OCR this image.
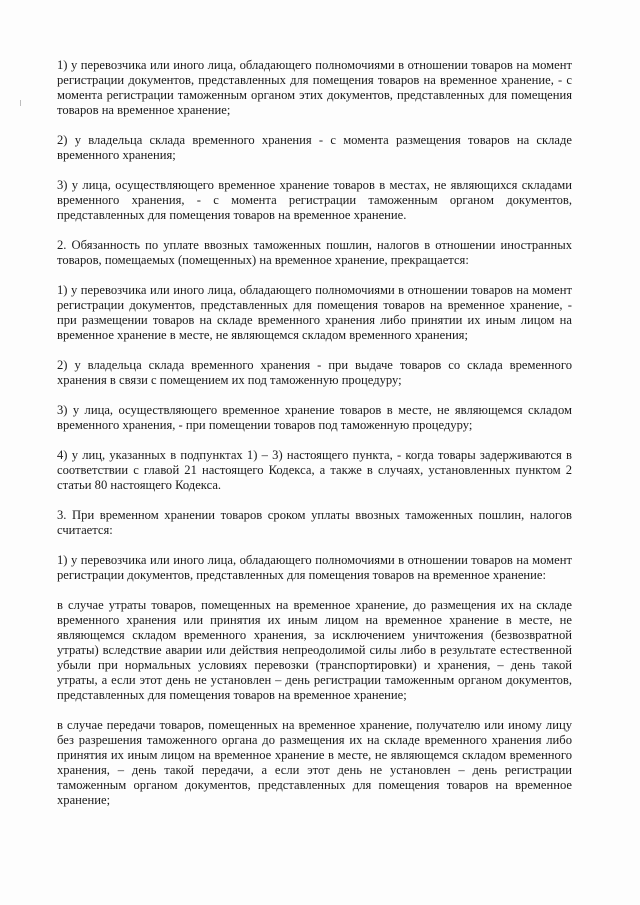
1) у перевозчика или иного лица, обладающего полномочиями в отношении товаров на момент регистрации документов, представленных для помещения товаров на временное хранение, - с момента регистрации таможенным органом этих документов, представленных для помещения товаров на временное хранение;

2) у владельца склада временного хранения - с момента размещения товаров на складе временного хранения;

3) у лица, осуществляющего временное хранение товаров в местах, не являющихся складами временного хранения, - с момента регистрации таможенным органом документов, представленных для помещения товаров на временное хранение.

2. Обязанность по уплате ввозных таможенных пошлин, налогов в отношении иностранных товаров, помещаемых (помещенных) на временное хранение, прекращается:

1) у перевозчика или иного лица, обладающего полномочиями в отношении товаров на момент регистрации документов, представленных для помещения товаров на временное хранение, - при размещении товаров на складе временного хранения либо принятии их иным лицом на временное хранение в месте, не являющемся складом временного хранения;

2) у владельца склада временного хранения - при выдаче товаров со склада временного хранения в связи с помещением их под таможенную процедуру;

3) у лица, осуществляющего временное хранение товаров в месте, не являющемся складом временного хранения, - при помещении товаров под таможенную процедуру;

4) у лиц, указанных в подпунктах 1) – 3) настоящего пункта, - когда товары задерживаются в соответствии с главой 21 настоящего Кодекса, а также в случаях, установленных пунктом 2 статьи 80 настоящего Кодекса.

3. При временном хранении товаров сроком уплаты ввозных таможенных пошлин, налогов считается:

1) у перевозчика или иного лица, обладающего полномочиями в отношении товаров на момент регистрации документов, представленных для помещения товаров на временное хранение:

в случае утраты товаров, помещенных на временное хранение, до размещения их на складе временного хранения или принятия их иным лицом на временное хранение в месте, не являющемся складом временного хранения, за исключением уничтожения (безвозвратной утраты) вследствие аварии или действия непреодолимой силы либо в результате естественной убыли при нормальных условиях перевозки (транспортировки) и хранения, – день такой утраты, а если этот день не установлен – день регистрации таможенным органом документов, представленных для помещения товаров на временное хранение;

в случае передачи товаров, помещенных на временное хранение, получателю или иному лицу без разрешения таможенного органа до размещения их на складе временного хранения либо принятия их иным лицом на временное хранение в месте, не являющемся складом временного хранения, – день такой передачи, а если этот день не установлен – день регистрации таможенным органом документов, представленных для помещения товаров на временное хранение;
